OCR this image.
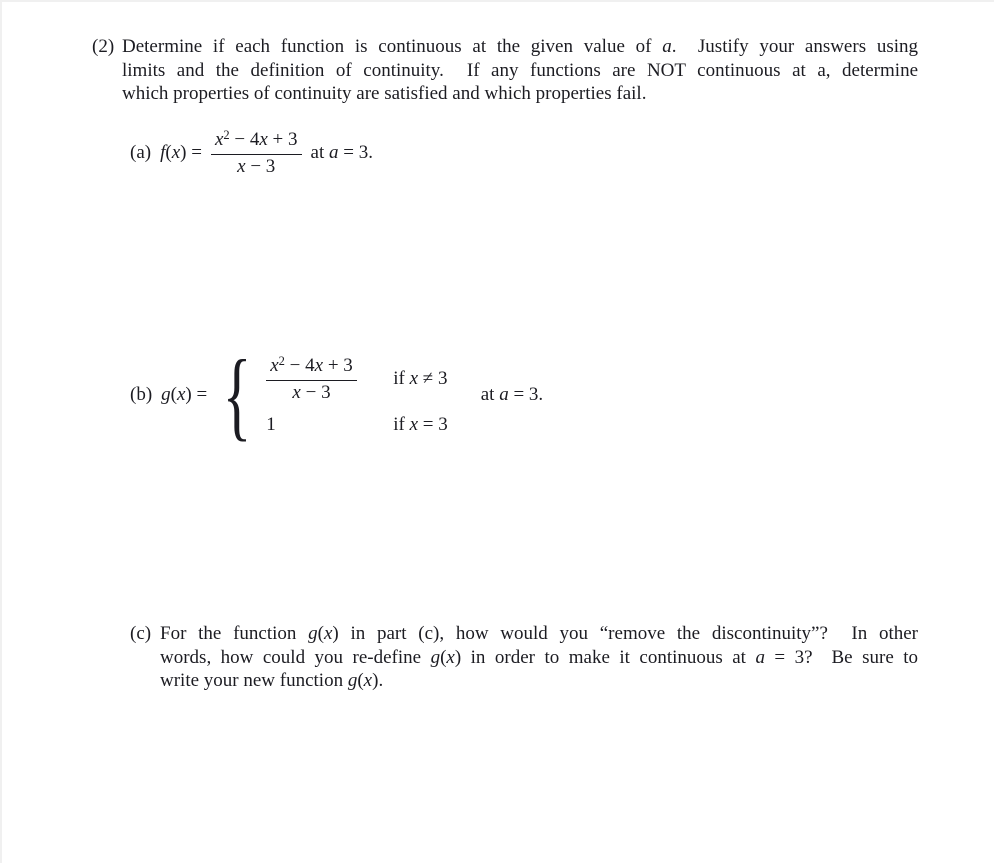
(2) Determine if each function is continuous at the given value of a.  Justify your answers using
limits and the definition of continuity.  If any functions are NOT continuous at a, determine
which properties of continuity are satisfied and which properties fail.
(a) $f(x) = \frac{x^2 - 4x + 3}{x - 3}$ at a = 3.
(b) g(x) = { $\frac{x^2 - 4x + 3}{x - 3}$ if x ≠ 3
1	if x = 3
at a = 3.
(c) For the function g(x) in part (c), how would you “remove the discontinuity”?  In other
words, how could you re-define g(x) in order to make it continuous at a = 3?  Be sure to
write your new function g(x).
